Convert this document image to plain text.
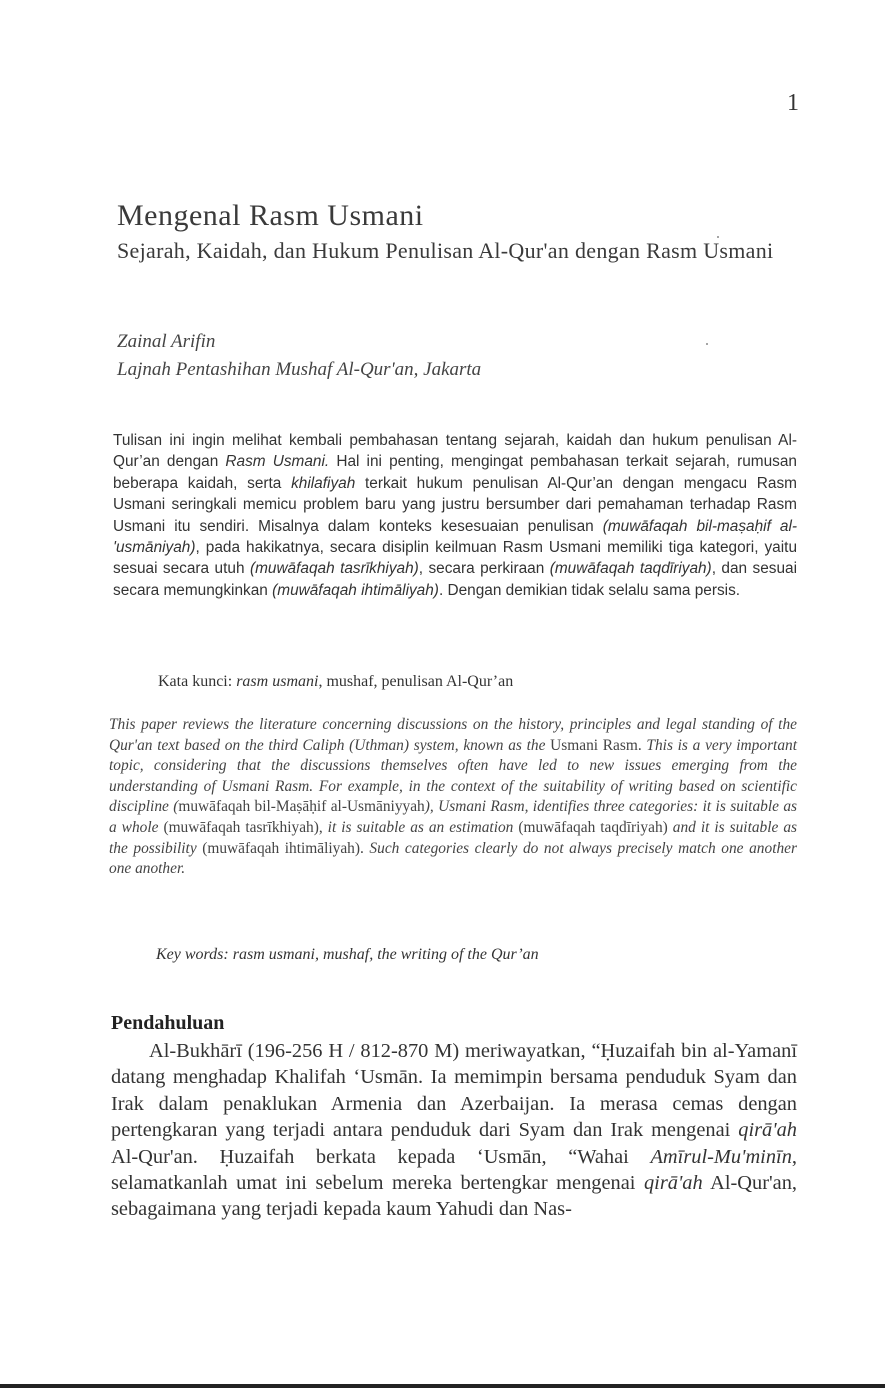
1
Mengenal Rasm Usmani

Sejarah, Kaidah, dan Hukum Penulisan Al-Qur'an dengan Rasm Usmani

Zainal Arifin
Lajnah Pentashihan Mushaf Al-Qur'an, Jakarta

Tulisan ini ingin melihat kembali pembahasan tentang sejarah, kaidah dan hukum penulisan Al-Qur’an dengan Rasm Usmani. Hal ini penting, mengingat pembahasan terkait sejarah, rumusan beberapa kaidah, serta khilafiyah terkait hukum penulisan Al-Qur’an dengan mengacu Rasm Usmani seringkali memicu problem baru yang justru bersumber dari pemahaman terhadap Rasm Usmani itu sendiri. Misalnya dalam konteks kesesuaian penulisan (muwāfaqah bil-maṣaḥif al-'usmāniyah), pada hakikatnya, secara disiplin keilmuan Rasm Usmani memiliki tiga kategori, yaitu sesuai secara utuh (muwāfaqah tasrīkhiyah), secara perkiraan (muwāfaqah taqdīriyah), dan sesuai secara memungkinkan (muwāfaqah ihtimāliyah). Dengan demikian tidak selalu sama persis.

Kata kunci: rasm usmani, mushaf, penulisan Al-Qur’an

This paper reviews the literature concerning discussions on the history, principles and legal standing of the Qur'an text based on the third Caliph (Uthman) system, known as the Usmani Rasm. This is a very important topic, considering that the discussions themselves often have led to new issues emerging from the understanding of Usmani Rasm. For example, in the context of the suitability of writing based on scientific discipline (muwāfaqah bil-Maṣāḥif al-Usmāniyyah), Usmani Rasm, identifies three categories: it is suitable as a whole (muwāfaqah tasrīkhiyah), it is suitable as an estimation (muwāfaqah taqdīriyah) and it is suitable as the possibility (muwāfaqah ihtimāliyah). Such categories clearly do not always precisely match one another one another.

Key words: rasm usmani, mushaf, the writing of the Qur’an
Pendahuluan

Al-Bukhārī (196-256 H / 812-870 M) meriwayatkan, “Ḥuzaifah bin al-Yamanī datang menghadap Khalifah ‘Usmān. Ia memimpin bersama penduduk Syam dan Irak dalam penaklukan Armenia dan Azerbaijan. Ia merasa cemas dengan pertengkaran yang terjadi antara penduduk dari Syam dan Irak mengenai qirā'ah Al-Qur'an. Ḥuzaifah berkata kepada ‘Usmān, “Wahai Amīrul-Mu'minīn, selamatkanlah umat ini sebelum mereka bertengkar mengenai qirā'ah Al-Qur'an, sebagaimana yang terjadi kepada kaum Yahudi dan Nas-
